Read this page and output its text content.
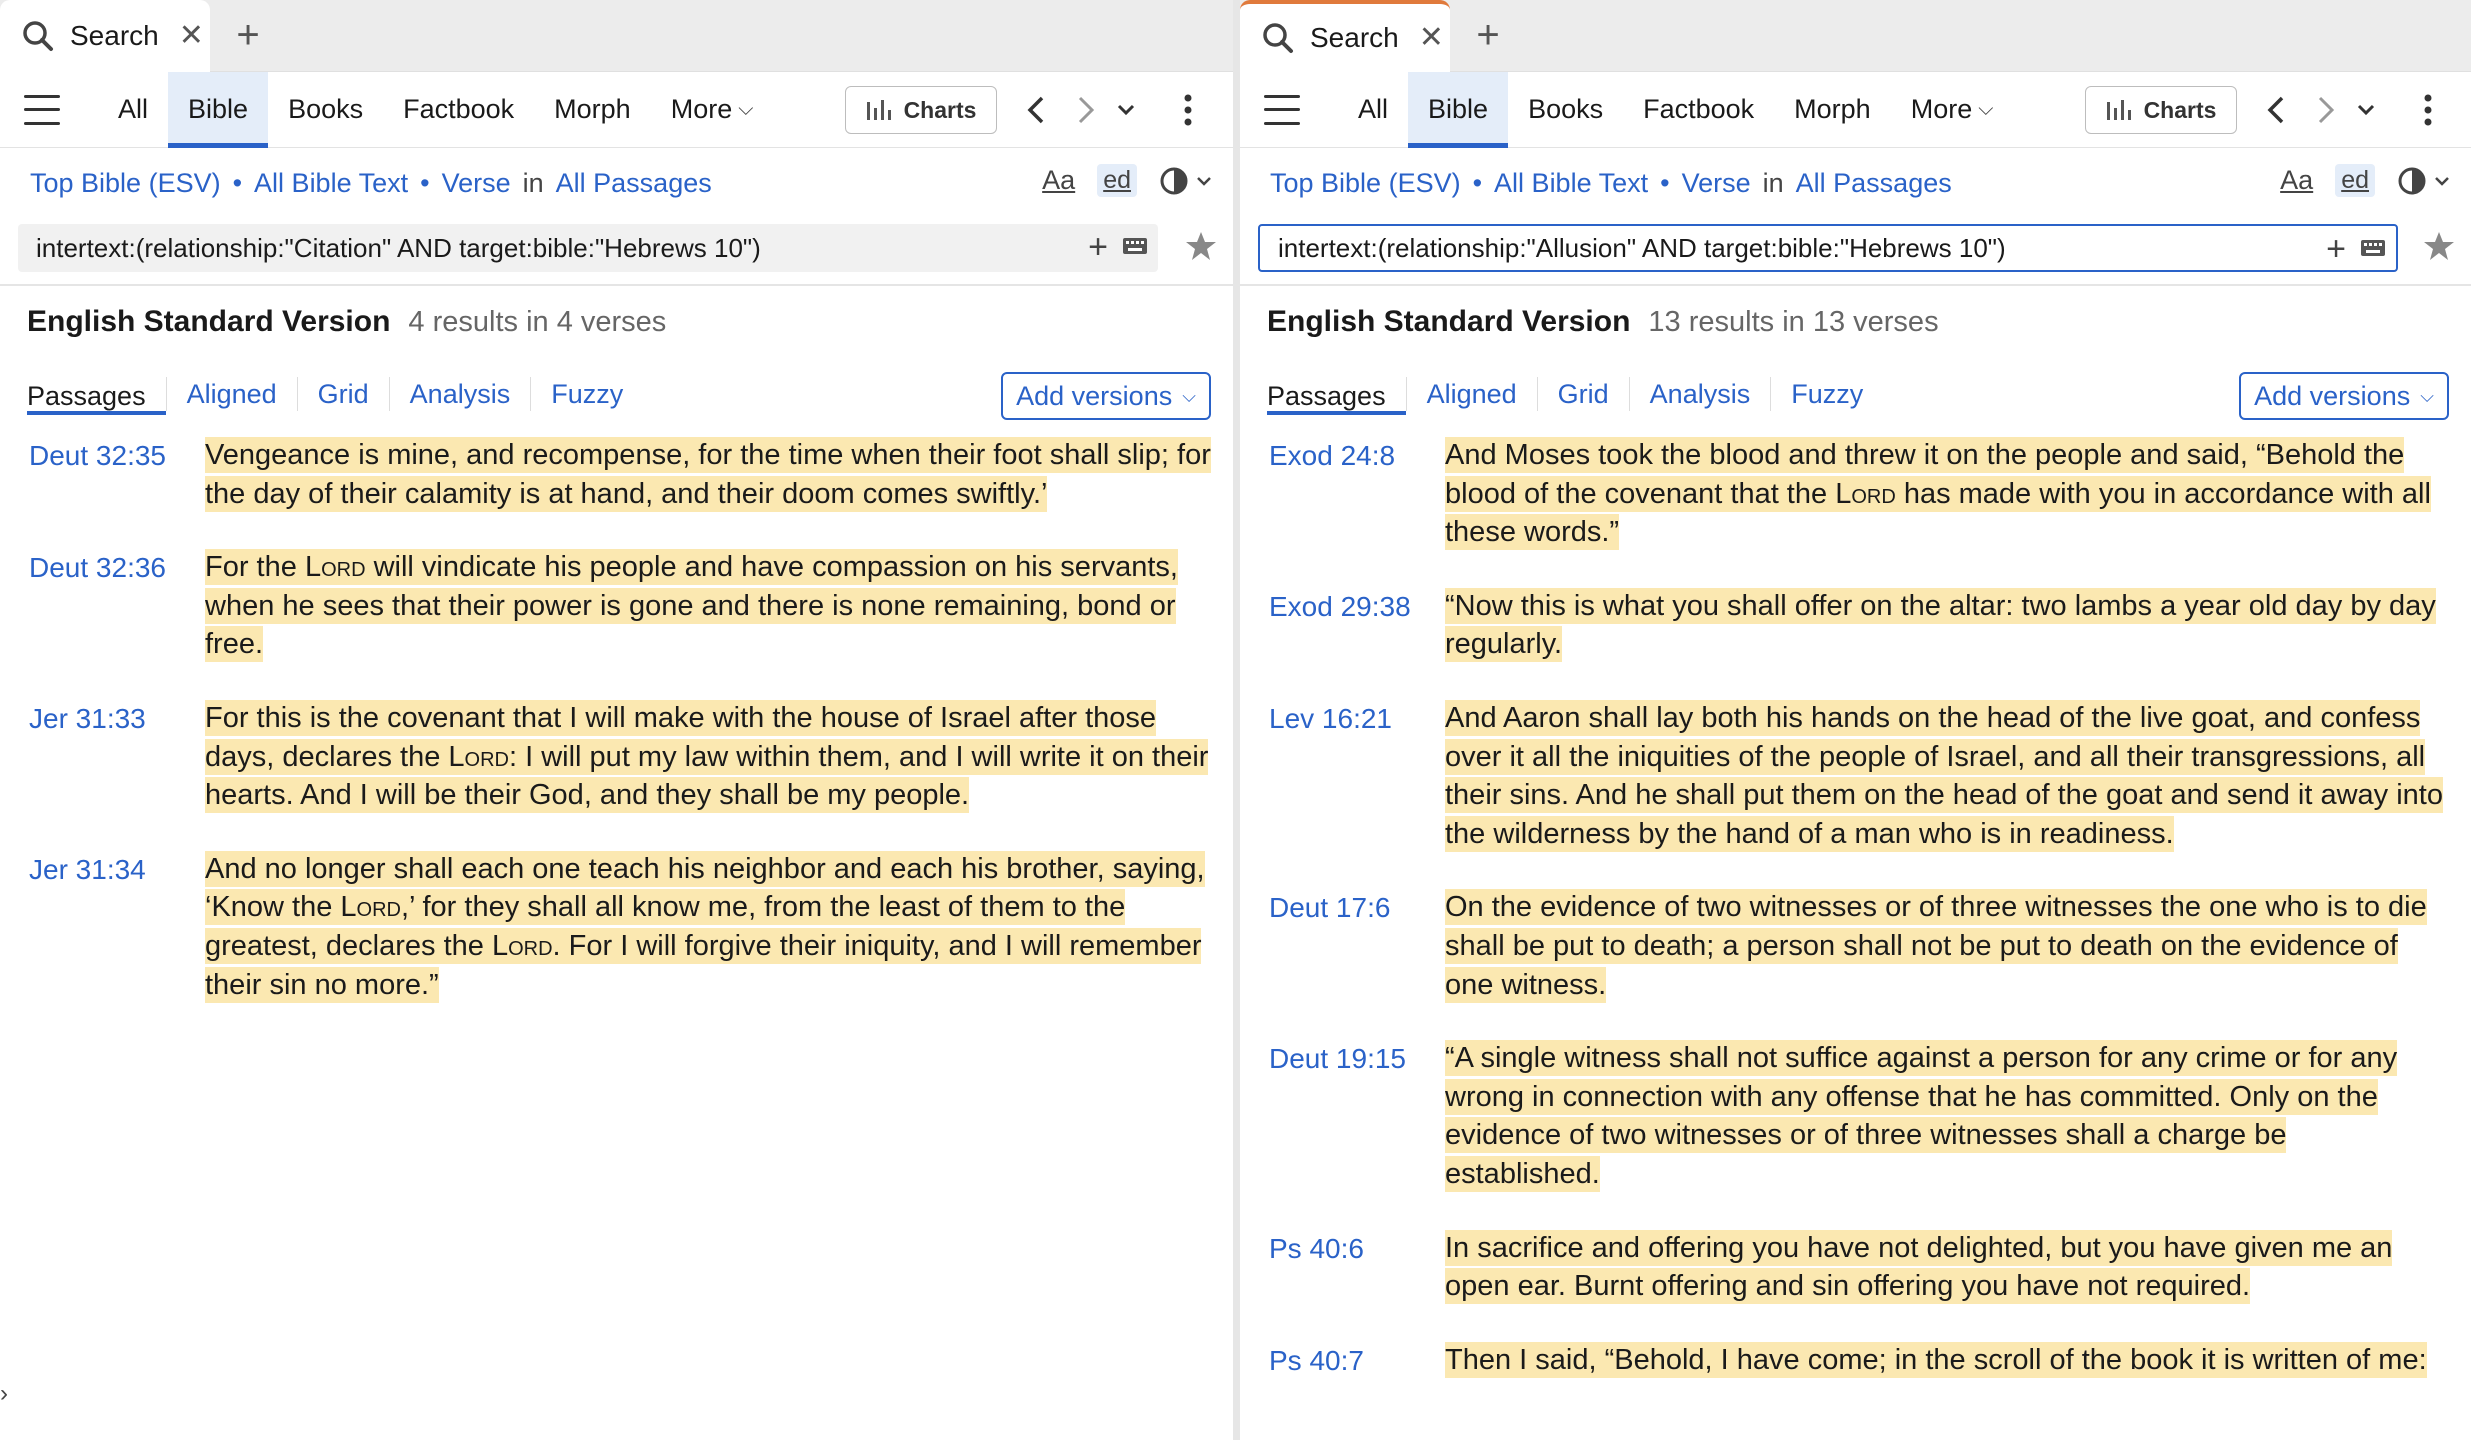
Search ✕ +
All	Bible	Books	Factbook	Morph	More ⌵	Charts
Top Bible (ESV) • All Bible Text • Verse in All Passages	Aa ed
intertext:(relationship:"Citation" AND target:bible:"Hebrews 10")	+
English Standard Version 4 results in 4 verses
Passages	Aligned	Grid	Analysis	Fuzzy	Add versions ⌵
Deut 32:35	Vengeance is mine, and recompense, for the time when their foot shall slip; for the day of their calamity is at hand, and their doom comes swiftly.’
Deut 32:36	For the Lord will vindicate his people and have compassion on his servants, when he sees that their power is gone and there is none remaining, bond or free.
Jer 31:33	For this is the covenant that I will make with the house of Israel after those days, declares the Lord: I will put my law within them, and I will write it on their hearts. And I will be their God, and they shall be my people.
Jer 31:34	And no longer shall each one teach his neighbor and each his brother, saying, ‘Know the Lord,’ for they shall all know me, from the least of them to the greatest, declares the Lord. For I will forgive their iniquity, and I will remember their sin no more.”
›
Search ✕ +
All	Bible	Books	Factbook	Morph	More ⌵	Charts
Top Bible (ESV) • All Bible Text • Verse in All Passages	Aa ed
intertext:(relationship:"Allusion" AND target:bible:"Hebrews 10")	+
English Standard Version 13 results in 13 verses
Passages	Aligned	Grid	Analysis	Fuzzy	Add versions ⌵
Exod 24:8	And Moses took the blood and threw it on the people and said, “Behold the blood of the covenant that the Lord has made with you in accordance with all these words.”
Exod 29:38	“Now this is what you shall offer on the altar: two lambs a year old day by day regularly.
Lev 16:21	And Aaron shall lay both his hands on the head of the live goat, and confess over it all the iniquities of the people of Israel, and all their transgressions, all their sins. And he shall put them on the head of the goat and send it away into the wilderness by the hand of a man who is in readiness.
Deut 17:6	On the evidence of two witnesses or of three witnesses the one who is to die shall be put to death; a person shall not be put to death on the evidence of one witness.
Deut 19:15	“A single witness shall not suffice against a person for any crime or for any wrong in connection with any offense that he has committed. Only on the evidence of two witnesses or of three witnesses shall a charge be established.
Ps 40:6	In sacrifice and offering you have not delighted, but you have given me an open ear. Burnt offering and sin offering you have not required.
Ps 40:7	Then I said, “Behold, I have come; in the scroll of the book it is written of me:
